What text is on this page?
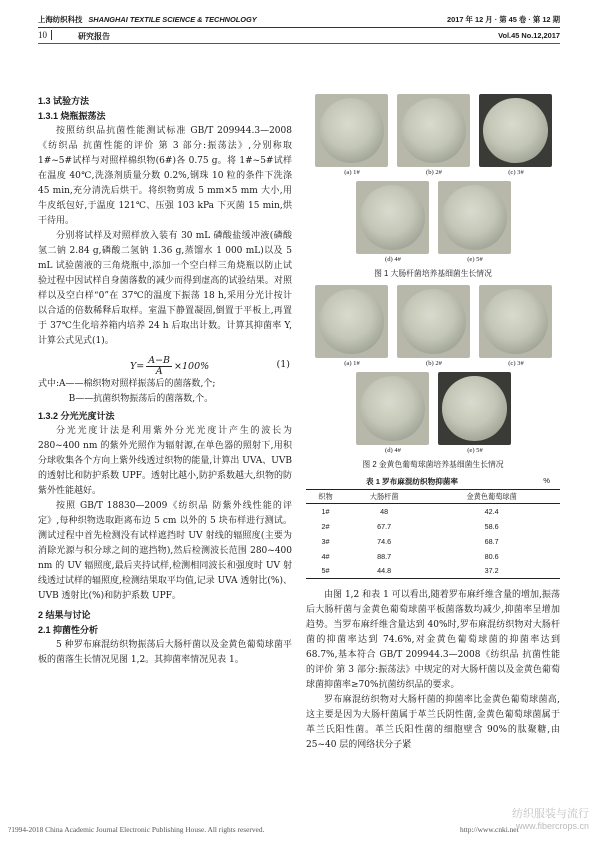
上海纺织科技 SHANGHAI TEXTILE SCIENCE & TECHNOLOGY	2017 年 12 月 · 第 45 卷 · 第 12 期
10	研究报告	Vol.45 No.12,2017
1.3 试验方法
1.3.1 烧瓶振荡法

按照纺织品抗菌性能测试标准 GB/T 209944.3—2008《纺织品 抗菌性能的评价 第 3 部分:振荡法》,分别称取 1#~5#试样与对照样棉织物(6#)各 0.75 g。将 1#~5#试样在温度 40℃,洗涤剂质量分数 0.2%,钢珠 10 粒的条件下洗涤 45 min,充分清洗后烘干。将织物剪成 5 mm×5 mm 大小,用牛皮纸包好,于温度 121℃、压强 103 kPa 下灭菌 15 min,烘干待用。

分别将试样及对照样放入装有 30 mL 磷酸盐缓冲液(磷酸氢二钠 2.84 g,磷酸二氢钠 1.36 g,蒸馏水 1 000 mL)以及 5 mL 试验菌液的三角烧瓶中,添加一个空白样三角烧瓶以防止试验过程中因试样自身菌落数的减少而得到虚高的试验结果。对照样以及空白样“0”在 37℃的温度下振荡 18 h,采用分光计按计以合适的倍数稀释后取样。室温下静置凝固,倒置于平板上,再置于 37℃生化培养箱内培养 24 h 后取出计数。计算其抑菌率 Y,计算公式见式(1)。

$Y= \frac{A-B}{A} \times 100\%$	(1)
式中:A——棉织物对照样振荡后的菌落数,个;
B——抗菌织物振荡后的菌落数,个。
1.3.2 分光光度计法

分光光度计法是利用紫外分光光度计产生的波长为 280~400 nm 的紫外光照作为辐射源,在单色器的照射下,用积分球收集各个方向上紫外线透过织物的能量,计算出 UVA、UVB 的透射比和防护系数 UPF。透射比越小,防护系数越大,织物的防紫外性能越好。

按照 GB/T 18830—2009《纺织品 防紫外线性能的评定》,每种织物选取距离布边 5 cm 以外的 5 块布样进行测试。测试过程中首先检测没有试样遮挡时 UV 射线的辐照度(主要为消除光源与积分球之间的遮挡物),然后检测波长范围 280~400 nm 的 UV 辐照度,最后夹持试样,检测相同波长和强度时 UV 射线透过试样的辐照度,检测结果取平均值,记录 UVA 透射比(%)、UVB 透射比(%)和防护系数 UPF。

2 结果与讨论
2.1 抑菌性分析

5 种罗布麻混纺织物振荡后大肠杆菌以及金黄色葡萄球菌平板的菌落生长情况见图 1,2。其抑菌率情况见表 1。

(a) 1#	(b) 2#	(c) 3#
(d) 4#	(e) 5#
图 1 大肠杆菌培养基细菌生长情况
(a) 1#	(b) 2#	(c) 3#
(d) 4#	(e) 5#
图 2 金黄色葡萄球菌培养基细菌生长情况
表 1 罗布麻混纺织物抑菌率	%
织物	大肠杆菌	金黄色葡萄球菌
1#	48	42.4
2#	67.7	58.6
3#	74.6	68.7
4#	88.7	80.6
5#	44.8	37.2

由图 1,2 和表 1 可以看出,随着罗布麻纤维含量的增加,振荡后大肠杆菌与金黄色葡萄球菌平板菌落数均减少,抑菌率呈增加趋势。当罗布麻纤维含量达到 40%时,罗布麻混纺织物对大肠杆菌的抑菌率达到 74.6%,对金黄色葡萄球菌的抑菌率达到 68.7%,基本符合 GB/T 209944.3—2008《纺织品 抗菌性能的评价 第 3 部分:振荡法》中规定的对大肠杆菌以及金黄色葡萄球菌抑菌率≥70%抗菌纺织品的要求。

罗布麻混纺织物对大肠杆菌的抑菌率比金黄色葡萄球菌高,这主要是因为大肠杆菌属于革兰氏阴性菌,金黄色葡萄球菌属于革兰氏阳性菌。革兰氏阳性菌的细胞壁含 90%的肽聚糖,由 25~40 层的网络状分子紧

?1994-2018 China Academic Journal Electronic Publishing House. All rights reserved.	http://www.cnki.net
纺织服装与流行
www.fibercrops.cn
